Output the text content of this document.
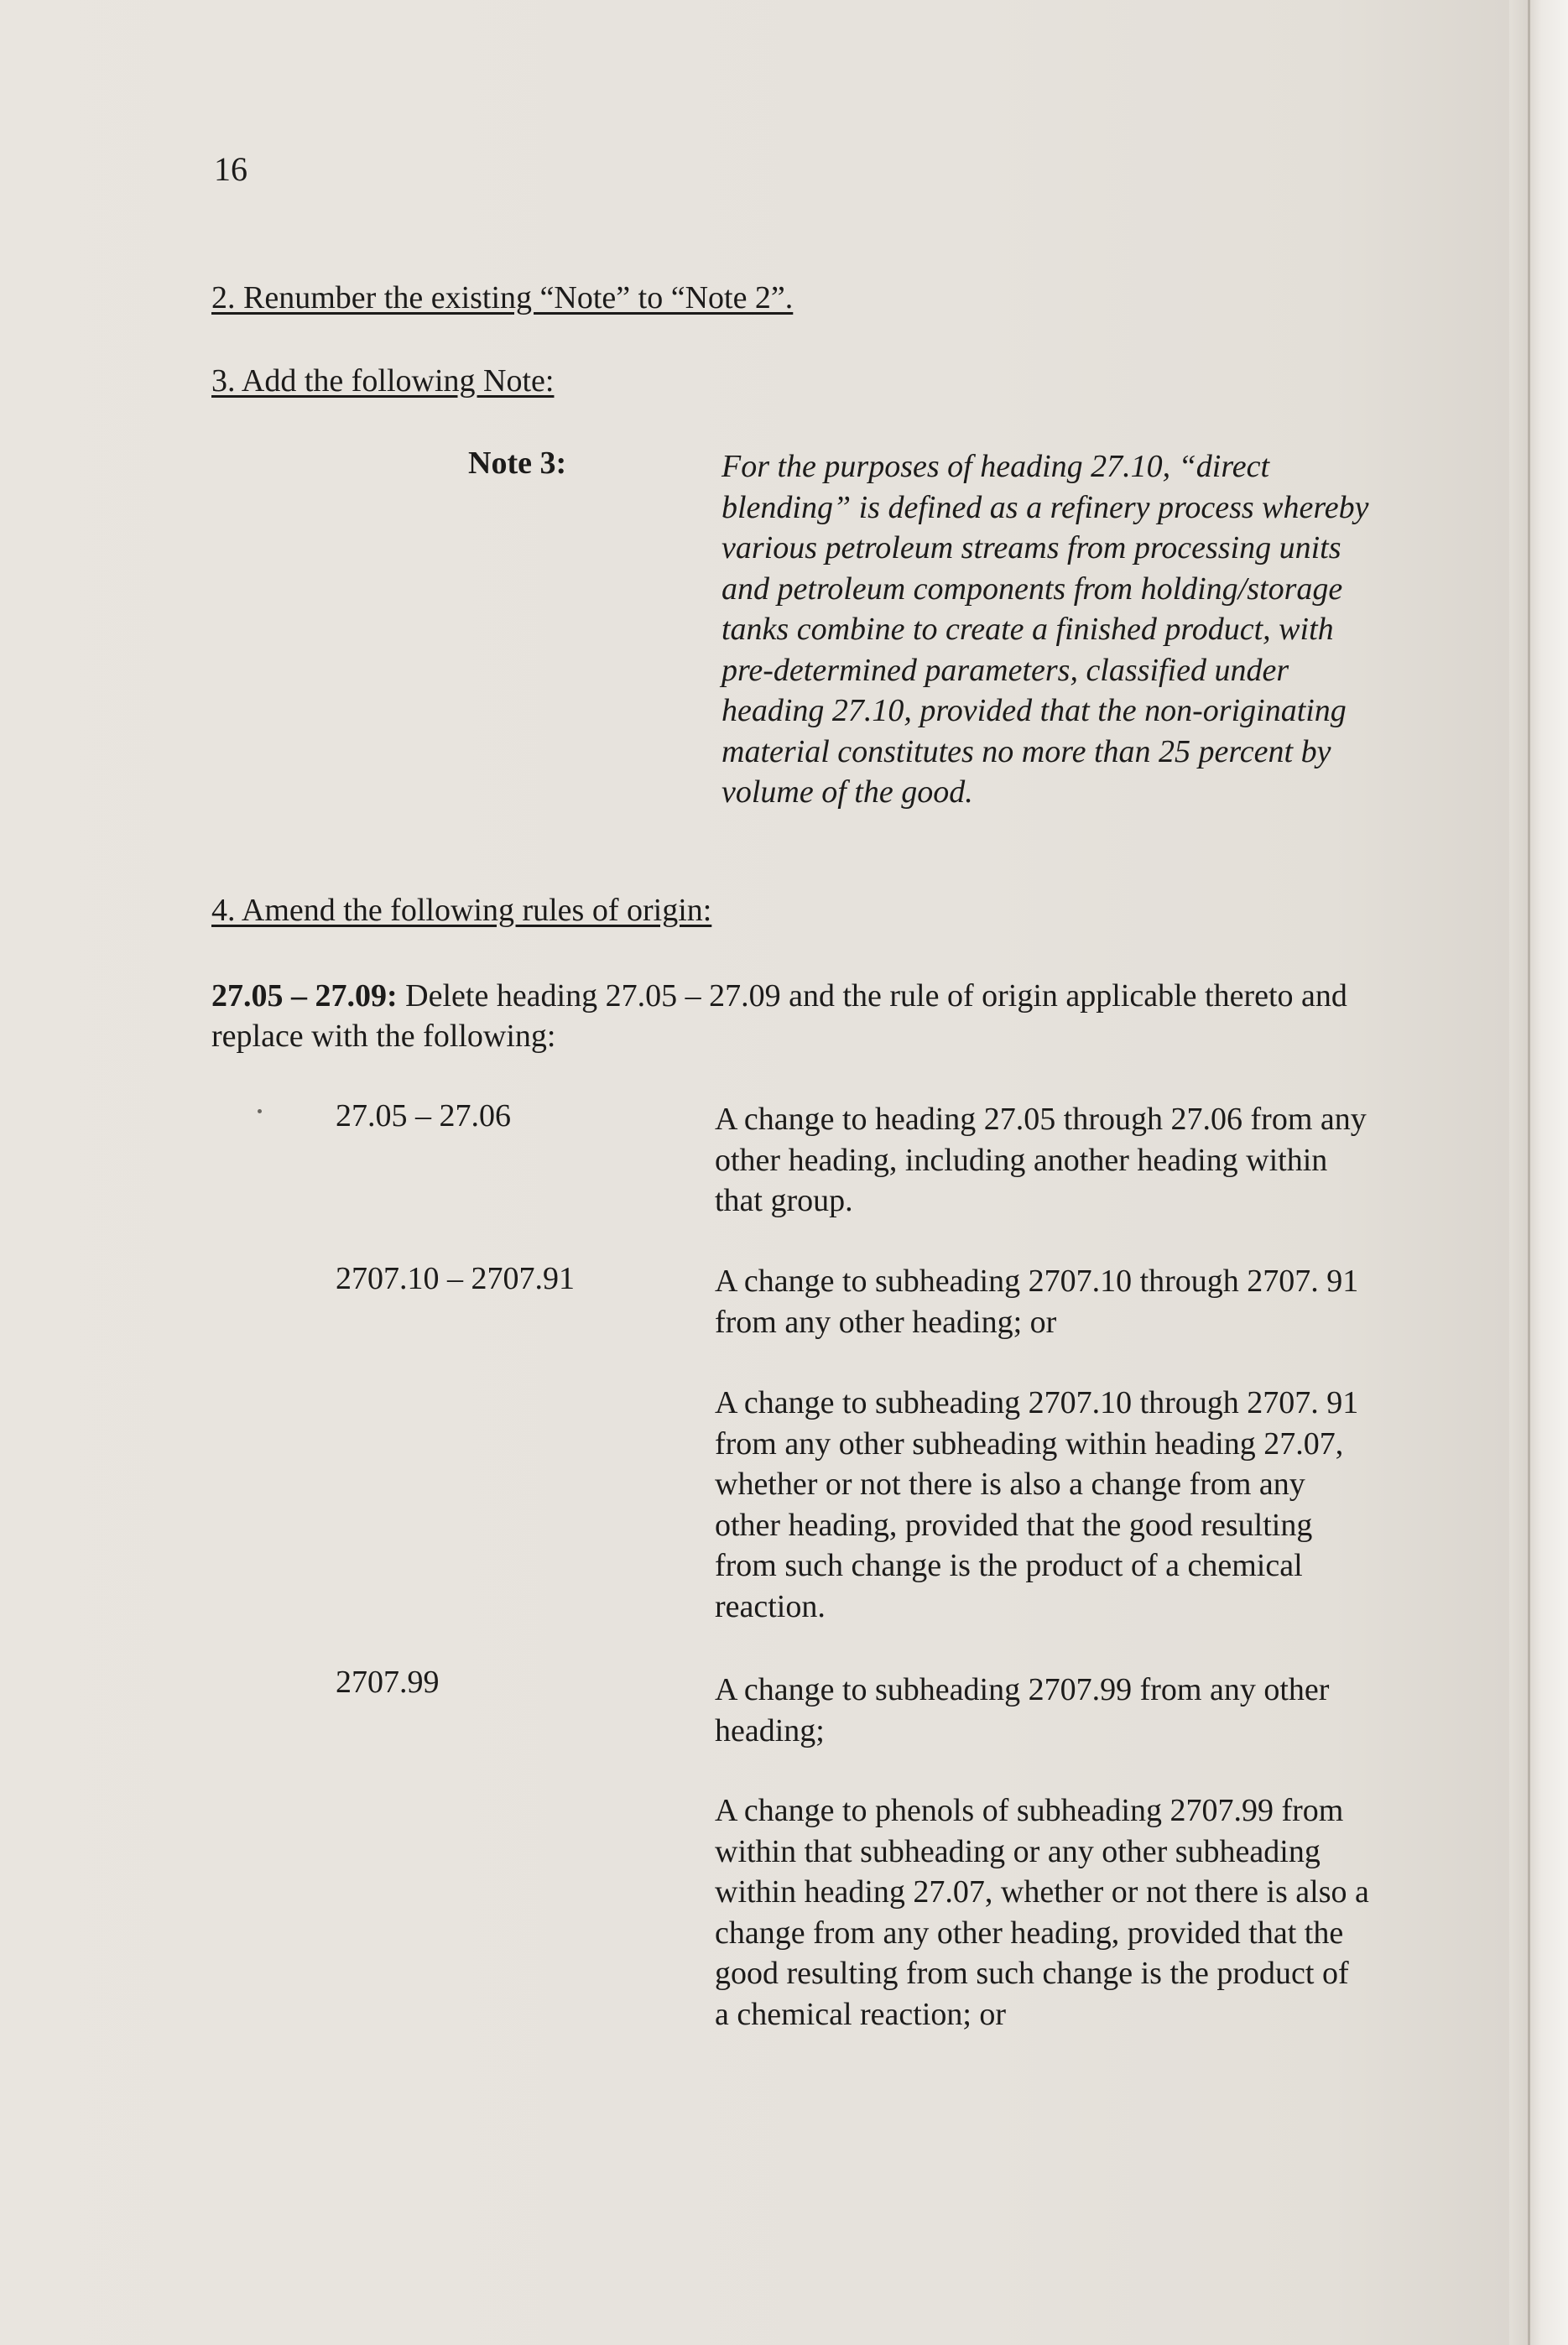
16
2. Renumber the existing “Note” to “Note 2”.
3. Add the following Note:
Note 3:	For the purposes of heading 27.10, “direct blending” is defined as a refinery process whereby various petroleum streams from processing units and petroleum components from holding/storage tanks combine to create a finished product, with pre-determined parameters, classified under heading 27.10, provided that the non-originating material constitutes no more than 25 percent by volume of the good.
4. Amend the following rules of origin:
27.05 – 27.09: Delete heading 27.05 – 27.09 and the rule of origin applicable thereto and replace with the following:
27.05 – 27.06	A change to heading 27.05 through 27.06 from any other heading, including another heading within that group.
2707.10 – 2707.91	A change to subheading 2707.10 through 2707. 91 from any other heading; or
A change to subheading 2707.10 through 2707. 91 from any other subheading within heading 27.07, whether or not there is also a change from any other heading, provided that the good resulting from such change is the product of a chemical reaction.
2707.99	A change to subheading 2707.99 from any other heading;
A change to phenols of subheading 2707.99 from within that subheading or any other subheading within heading 27.07, whether or not there is also a change from any other heading, provided that the good resulting from such change is the product of a chemical reaction; or
